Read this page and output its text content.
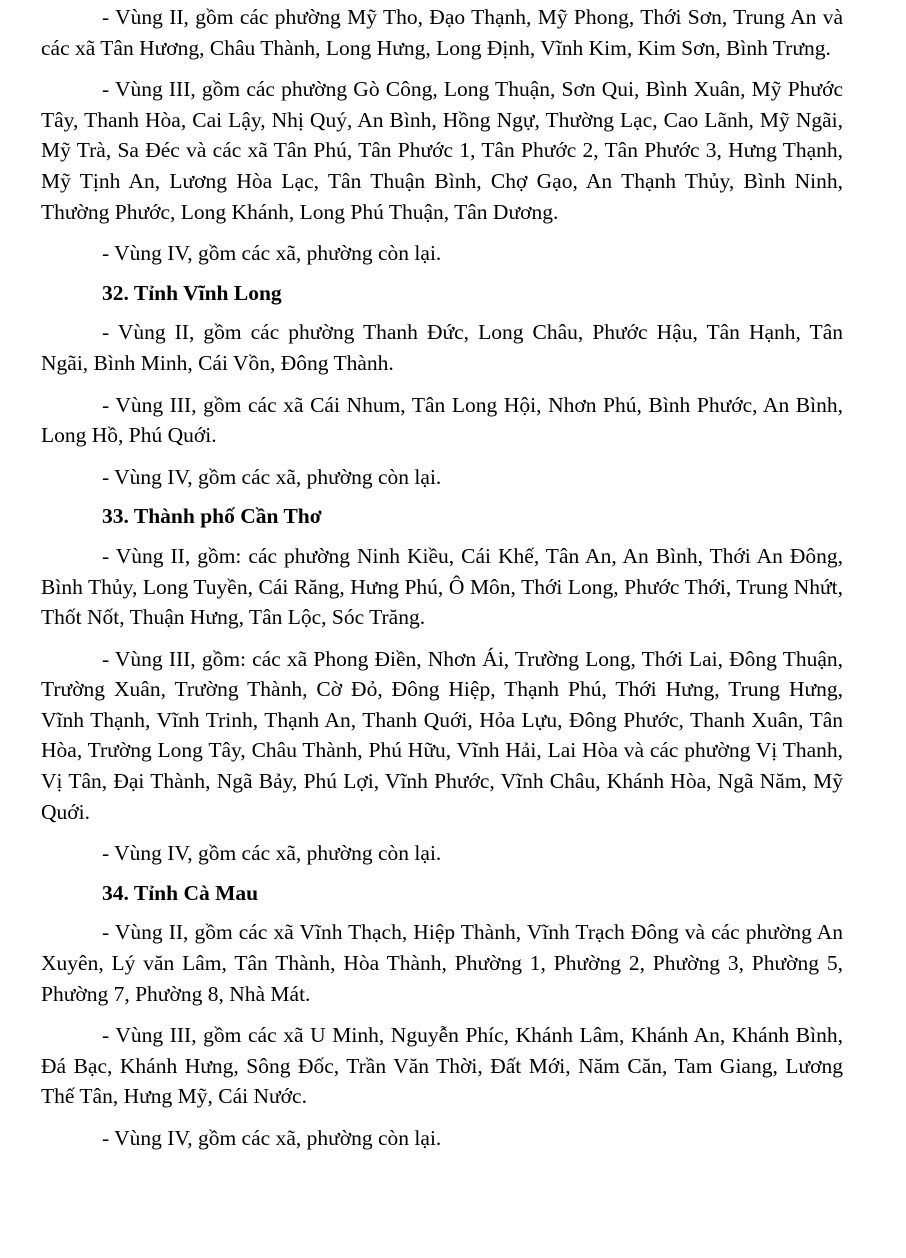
- Vùng II, gồm các phường Mỹ Tho, Đạo Thạnh, Mỹ Phong, Thới Sơn, Trung An và các xã Tân Hương, Châu Thành, Long Hưng, Long Định, Vĩnh Kim, Kim Sơn, Bình Trưng.

- Vùng III, gồm các phường Gò Công, Long Thuận, Sơn Qui, Bình Xuân, Mỹ Phước Tây, Thanh Hòa, Cai Lậy, Nhị Quý, An Bình, Hồng Ngự, Thường Lạc, Cao Lãnh, Mỹ Ngãi, Mỹ Trà, Sa Đéc và các xã Tân Phú, Tân Phước 1, Tân Phước 2, Tân Phước 3, Hưng Thạnh, Mỹ Tịnh An, Lương Hòa Lạc, Tân Thuận Bình, Chợ Gạo, An Thạnh Thủy, Bình Ninh, Thường Phước, Long Khánh, Long Phú Thuận, Tân Dương.

- Vùng IV, gồm các xã, phường còn lại.

32. Tỉnh Vĩnh Long

- Vùng II, gồm các phường Thanh Đức, Long Châu, Phước Hậu, Tân Hạnh, Tân Ngãi, Bình Minh, Cái Vồn, Đông Thành.

- Vùng III, gồm các xã Cái Nhum, Tân Long Hội, Nhơn Phú, Bình Phước, An Bình, Long Hồ, Phú Quới.

- Vùng IV, gồm các xã, phường còn lại.

33. Thành phố Cần Thơ

- Vùng II, gồm: các phường Ninh Kiều, Cái Khế, Tân An, An Bình, Thới An Đông, Bình Thủy, Long Tuyền, Cái Răng, Hưng Phú, Ô Môn, Thới Long, Phước Thới, Trung Nhứt, Thốt Nốt, Thuận Hưng, Tân Lộc, Sóc Trăng.

- Vùng III, gồm: các xã Phong Điền, Nhơn Ái, Trường Long, Thới Lai, Đông Thuận, Trường Xuân, Trường Thành, Cờ Đỏ, Đông Hiệp, Thạnh Phú, Thới Hưng, Trung Hưng, Vĩnh Thạnh, Vĩnh Trinh, Thạnh An, Thanh Quới, Hỏa Lựu, Đông Phước, Thanh Xuân, Tân Hòa, Trường Long Tây, Châu Thành, Phú Hữu, Vĩnh Hải, Lai Hòa và các phường Vị Thanh, Vị Tân, Đại Thành, Ngã Bảy, Phú Lợi, Vĩnh Phước, Vĩnh Châu, Khánh Hòa, Ngã Năm, Mỹ Quới.

- Vùng IV, gồm các xã, phường còn lại.

34. Tỉnh Cà Mau

- Vùng II, gồm các xã Vĩnh Thạch, Hiệp Thành, Vĩnh Trạch Đông và các phường An Xuyên, Lý văn Lâm, Tân Thành, Hòa Thành, Phường 1, Phường 2, Phường 3, Phường 5, Phường 7, Phường 8, Nhà Mát.

- Vùng III, gồm các xã U Minh, Nguyễn Phíc, Khánh Lâm, Khánh An, Khánh Bình, Đá Bạc, Khánh Hưng, Sông Đốc, Trần Văn Thời, Đất Mới, Năm Căn, Tam Giang, Lương Thế Tân, Hưng Mỹ, Cái Nước.

- Vùng IV, gồm các xã, phường còn lại.
